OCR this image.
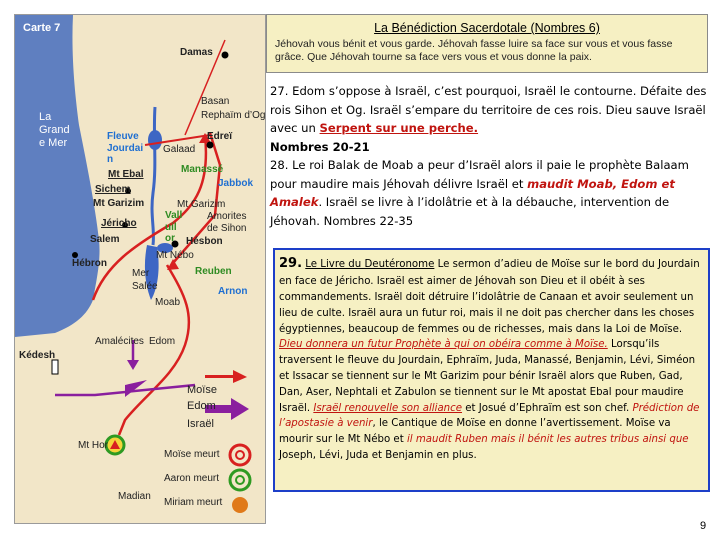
Carte 7
Damas
Basan
Rephaïm d’Og
Edreï
La
Grand
e Mer
Fleuve
Jourdai
n
Galaad
Manassé
Jabbok
Mt Ebal
Sichem
Mt Garizim	Mt Garizim
Amorites
de Sihon
Jéricho
Vall
uil
or
Salem	Hésbon
Mt Nébo
Hébron
Mer
Salée
Reuben
Arnon
Moab
Kédesh
Amalécites Edom
Moïse
Edom
Israël
Moïse meurt
Aaron meurt
Miriam meurt
Mt Hor
Madian
La Bénédiction Sacerdotale (Nombres 6)
Jéhovah vous bénit et vous garde. Jéhovah fasse luire sa face sur vous et vous fasse grâce. Que Jéhovah tourne sa face vers vous et vous donne la paix.

27. Edom s’oppose à Israël, c’est pourquoi, Israël le contourne. Défaite des rois Sihon et Og. Israël s’empare du territoire de ces rois. Dieu sauve Israël avec un Serpent sur une perche.
Nombres 20-21

28. Le roi Balak de Moab a peur d’Israël alors il paie le prophète Balaam pour maudire mais Jéhovah délivre Israël et maudit Moab, Edom et Amalek. Israël se livre à l’idolâtrie et à la débauche, intervention de Jéhovah. Nombres 22-35

29. Le Livre du Deutéronome Le sermon d’adieu de Moïse sur le bord du Jourdain en face de Jéricho. Israël est aimer de Jéhovah son Dieu et il obéit à ses commandements. Israël doit détruire l’idolâtrie de Canaan et avoir seulement un lieu de culte. Israël aura un futur roi, mais il ne doit pas chercher dans les choses égyptiennes, beaucoup de femmes ou de richesses, mais dans la Loi de Moïse. Dieu donnera un futur Prophète à qui on obéira comme à Moïse. Lorsqu’ils traversent le fleuve du Jourdain, Ephraïm, Juda, Manassé, Benjamin, Lévi, Siméon et Issacar se tiennent sur le Mt Garizim pour bénir Israël alors que Ruben, Gad, Dan, Aser, Nephtali et Zabulon se tiennent sur le Mt apostat Ebal pour maudire Israël. Israël renouvelle son alliance et Josué d’Ephraïm est son chef. Prédiction de l’apostasie à venir, le Cantique de Moïse en donne l’avertissement. Moïse va mourir sur le Mt Nébo et il maudit Ruben mais il bénit les autres tribus ainsi que Joseph, Lévi, Juda et Benjamin en plus.
9
